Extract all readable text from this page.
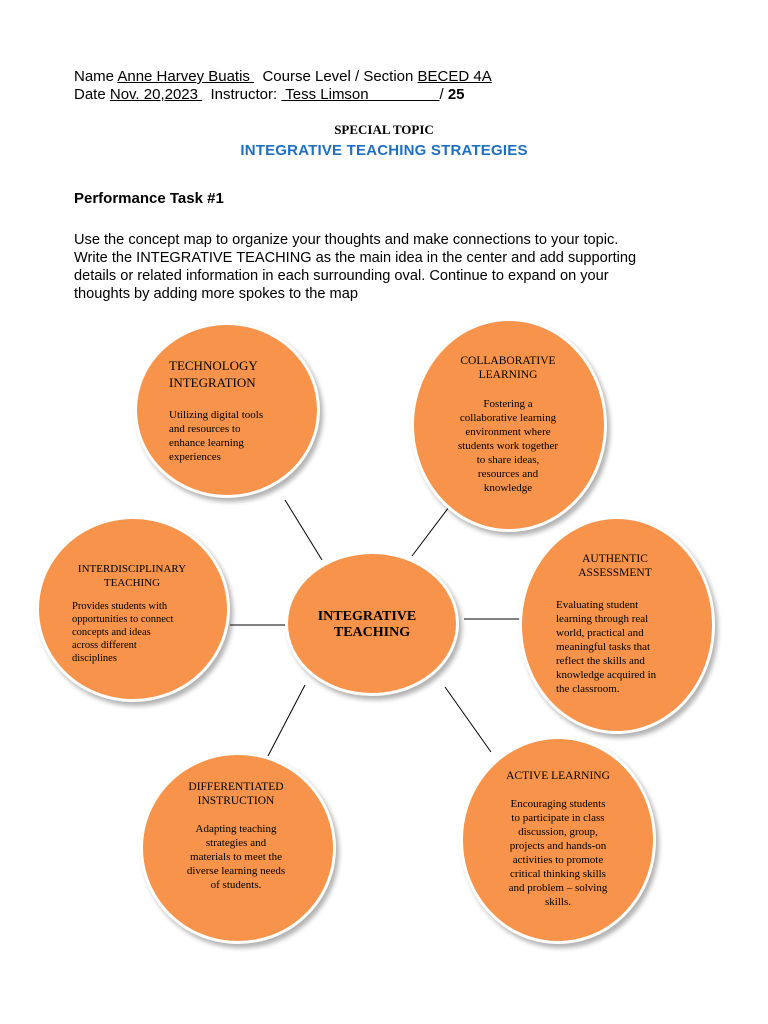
Name Anne Harvey Buatis   Course Level / Section BECED 4A
Date Nov. 20,2023   Instructor:  Tess Limson                 / 25
SPECIAL TOPIC
INTEGRATIVE TEACHING STRATEGIES
Performance Task #1
Use the concept map to organize your thoughts and make connections to your topic.
Write the INTEGRATIVE TEACHING as the main idea in the center and add supporting
details or related information in each surrounding oval. Continue to expand on your
thoughts by adding more spokes to the map
INTEGRATIVE
TEACHING
TECHNOLOGY
INTEGRATION
Utilizing digital tools
and resources to
enhance learning
experiences
COLLABORATIVE
LEARNING
Fostering a
collaborative learning
environment where
students work together
to share ideas,
resources and
knowledge
INTERDISCIPLINARY
TEACHING
Provides students with
opportunities to connect
concepts and ideas
across different
disciplines
AUTHENTIC
ASSESSMENT
Evaluating student
learning through real
world, practical and
meaningful tasks that
reflect the skills and
knowledge acquired in
the classroom.
DIFFERENTIATED
INSTRUCTION
Adapting teaching
strategies and
materials to meet the
diverse learning needs
of students.
ACTIVE LEARNING
Encouraging students
to participate in class
discussion, group,
projects and hands-on
activities to promote
critical thinking skills
and problem – solving
skills.
